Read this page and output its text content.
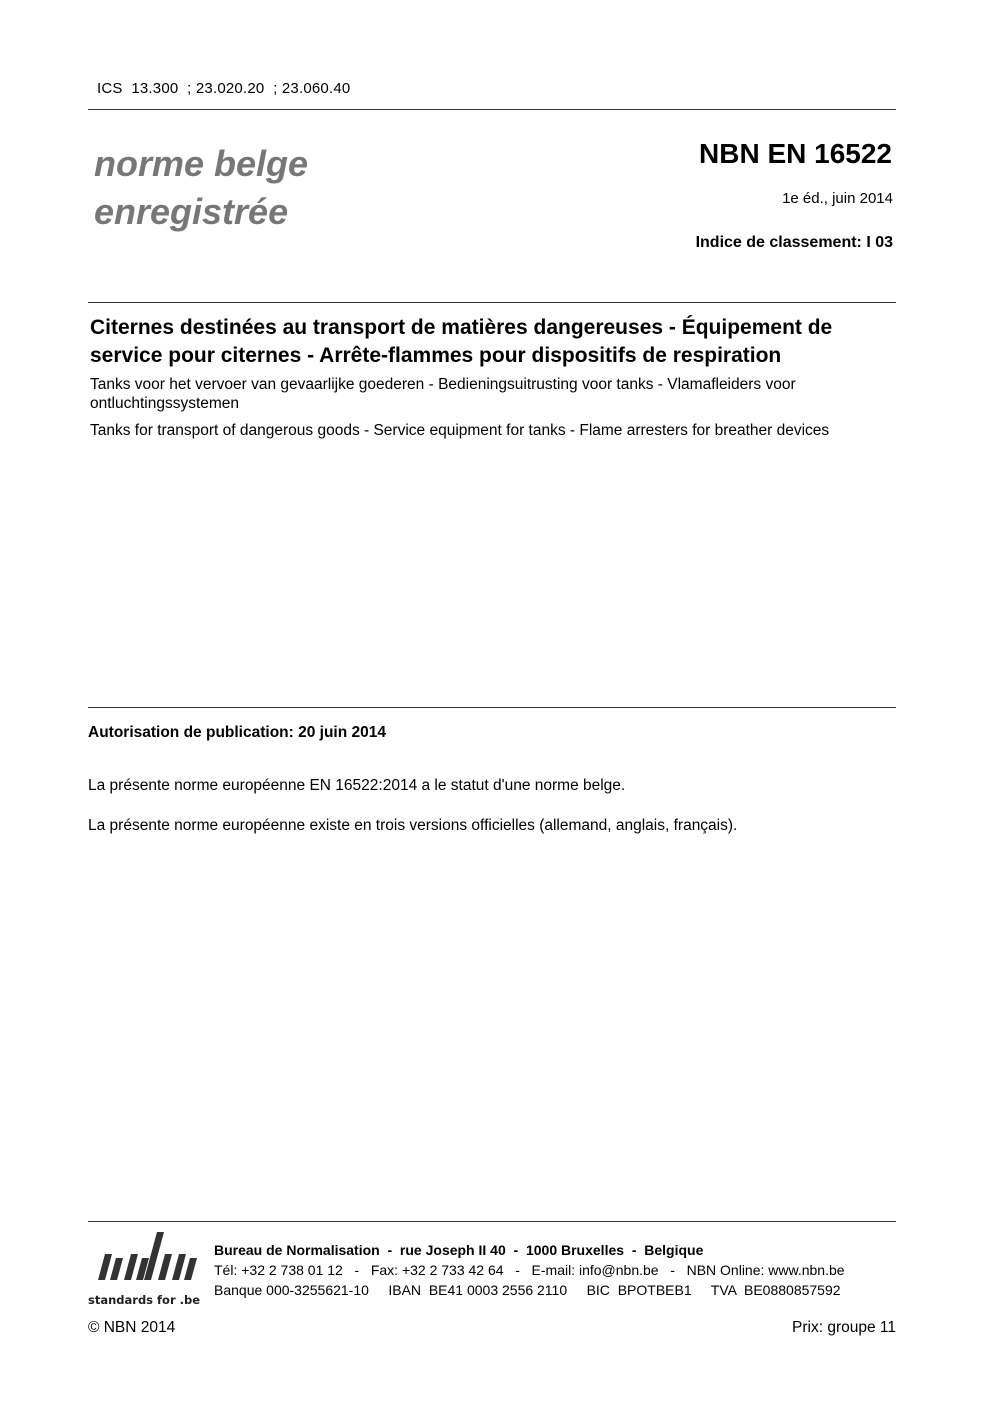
ICS  13.300  ; 23.020.20  ; 23.060.40
norme belge
enregistrée
NBN EN 16522
1e éd., juin 2014
Indice de classement: I 03
Citernes destinées au transport de matières dangereuses - Équipement de service pour citernes - Arrête-flammes pour dispositifs de respiration
Tanks voor het vervoer van gevaarlijke goederen - Bedieningsuitrusting voor tanks - Vlamafleiders voor ontluchtingssystemen
Tanks for transport of dangerous goods - Service equipment for tanks - Flame arresters for breather devices
Autorisation de publication: 20 juin 2014
La présente norme européenne EN 16522:2014 a le statut d'une norme belge.
La présente norme européenne existe en trois versions officielles (allemand, anglais, français).
standards for .be
Bureau de Normalisation  -  rue Joseph II 40  -  1000 Bruxelles  -  Belgique
Tél: +32 2 738 01 12   -   Fax: +32 2 733 42 64   -   E-mail: info@nbn.be   -   NBN Online: www.nbn.be
Banque 000-3255621-10     IBAN  BE41 0003 2556 2110     BIC  BPOTBEB1     TVA  BE0880857592
© NBN 2014	Prix: groupe 11
